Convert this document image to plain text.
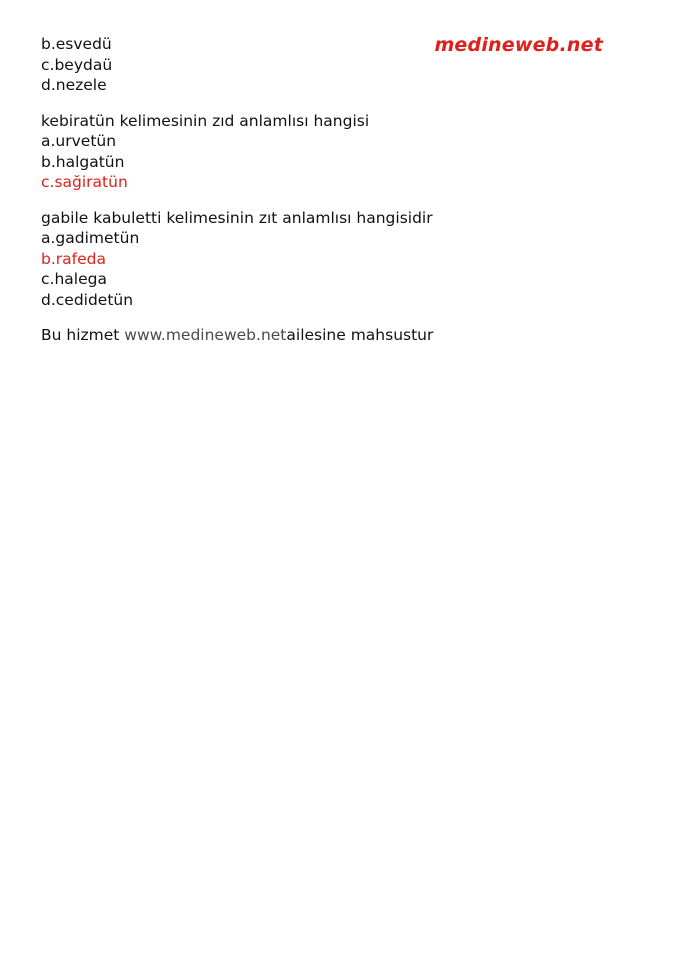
medineweb.net
b.esvedü
c.beydaü
d.nezele
kebiratün kelimesinin zıd anlamlısı hangisi
a.urvetün
b.halgatün
c.sağiratün
gabile kabuletti kelimesinin zıt anlamlısı hangisidir
a.gadimetün
b.rafeda
c.halega
d.cedidetün
Bu hizmet www.medineweb.netailesine mahsustur
